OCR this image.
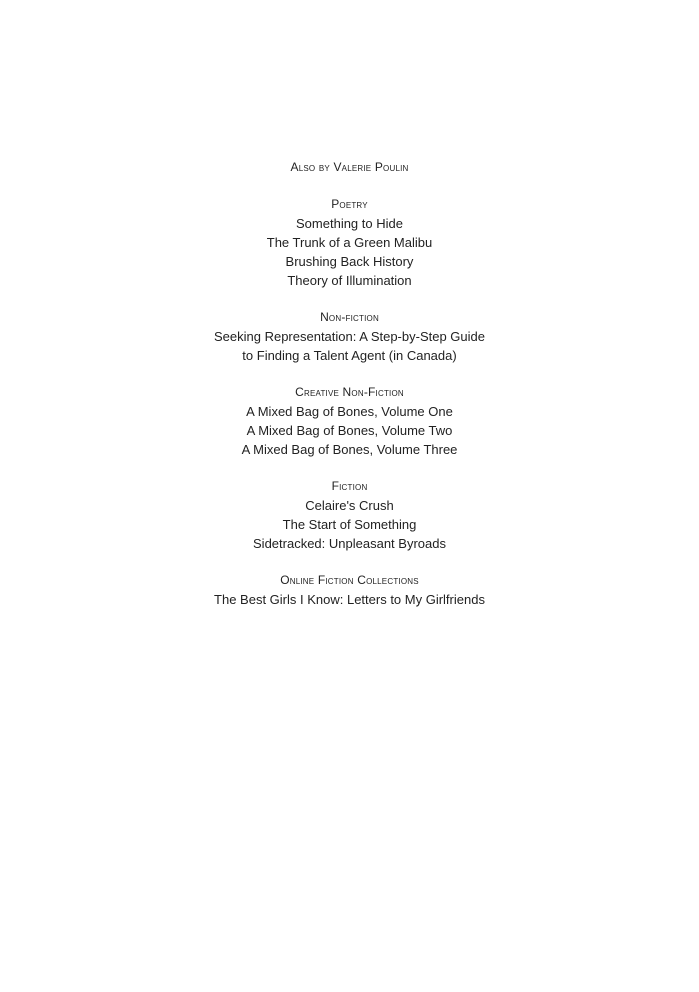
Also by Valerie Poulin

Poetry

Something to Hide

The Trunk of a Green Malibu

Brushing Back History

Theory of Illumination

Non-fiction

Seeking Representation: A Step-by-Step Guide

to Finding a Talent Agent (in Canada)

Creative Non-Fiction

A Mixed Bag of Bones, Volume One

A Mixed Bag of Bones, Volume Two

A Mixed Bag of Bones, Volume Three

Fiction

Celaire's Crush

The Start of Something

Sidetracked: Unpleasant Byroads

Online Fiction Collections

The Best Girls I Know: Letters to My Girlfriends
